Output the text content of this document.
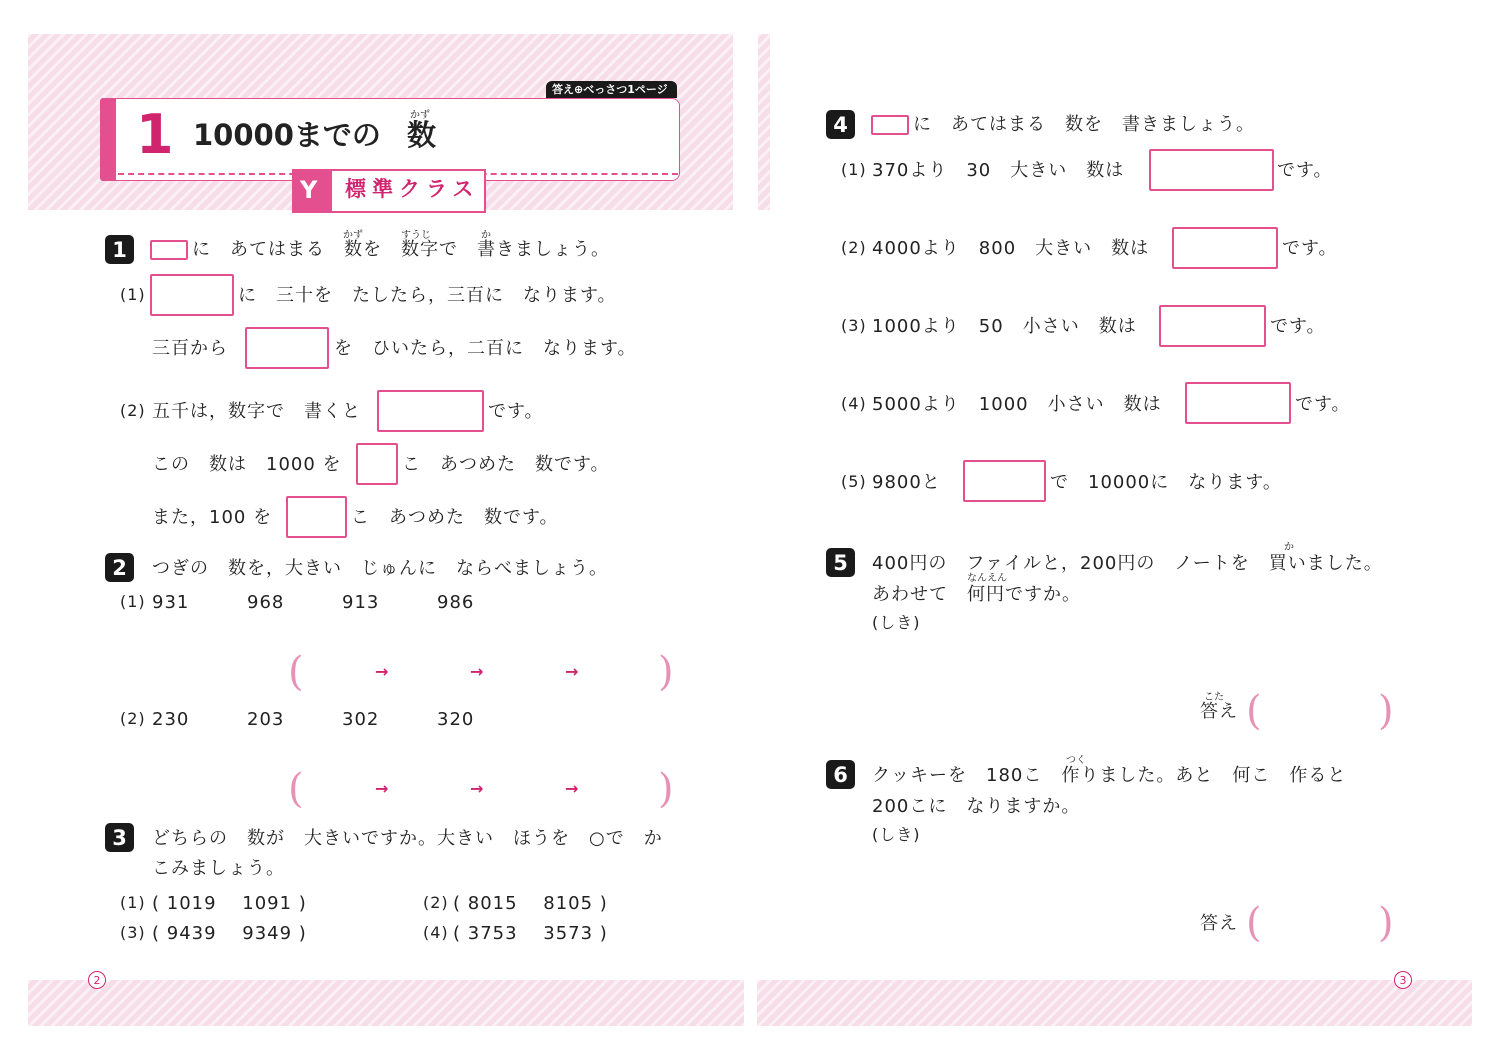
1 10000までの
かず
数
答え⊕べっさつ1ページ
Y 標準クラス
1	に　あてはまる　数を　数字で　書きましょう。
かず	すうじ	か
(1)	に　三十を　たしたら，三百に　なります。
三百から	を　ひいたら，二百に　なります。
(2) 五千は，数字で　書くと	です。
この　数は　1000 を	こ　あつめた　数です。
また，100 を	こ　あつめた　数です。
2	つぎの　数を，大きい　じゅんに　ならべましょう。
(1) 931	968	913	986
(	→	→	→ )
(2) 230	203	302	320
(	→	→	→ )
3	どちらの　数が　大きいですか。大きい　ほうを　○で　か
こみましょう。
(1) ( 1019　 1091 )	(2) ( 8015　 8105 )
(3) ( 9439　 9349 )	(4) ( 3753　 3573 )
4	に　あてはまる　数を　書きましょう。
(1) 370より　30　大きい　数は	です。
(2) 4000より　800　大きい　数は	です。
(3) 1000より　50　小さい　数は	です。
(4) 5000より　1000　小さい　数は	です。
(5) 9800と	で　10000に　なります。
5
か
400円の　ファイルと，200円の　ノートを　買いました。
なんえん
あわせて　何円ですか。
(しき)
こた
答え (	)
6
つく
クッキーを　180こ　作りました。あと　何こ　作ると
200こに　なりますか。
(しき)
答え (	)
2	3
